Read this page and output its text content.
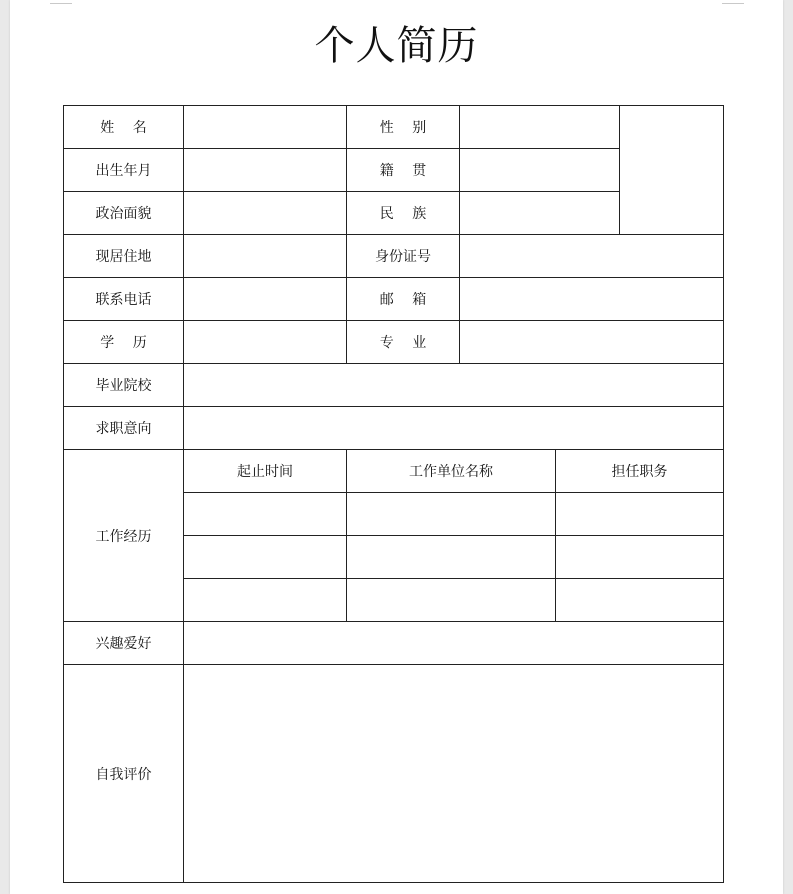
个人简历
姓　 名		性　 别			
出生年月		籍　 贯			
政治面貌		民　 族			
现居住地		身份证号			
联系电话		邮　 箱			
学　 历		专　 业			
毕业院校					
求职意向					
工作经历	起止时间	工作单位名称		担任职务	

兴趣爱好					
自我评价					
